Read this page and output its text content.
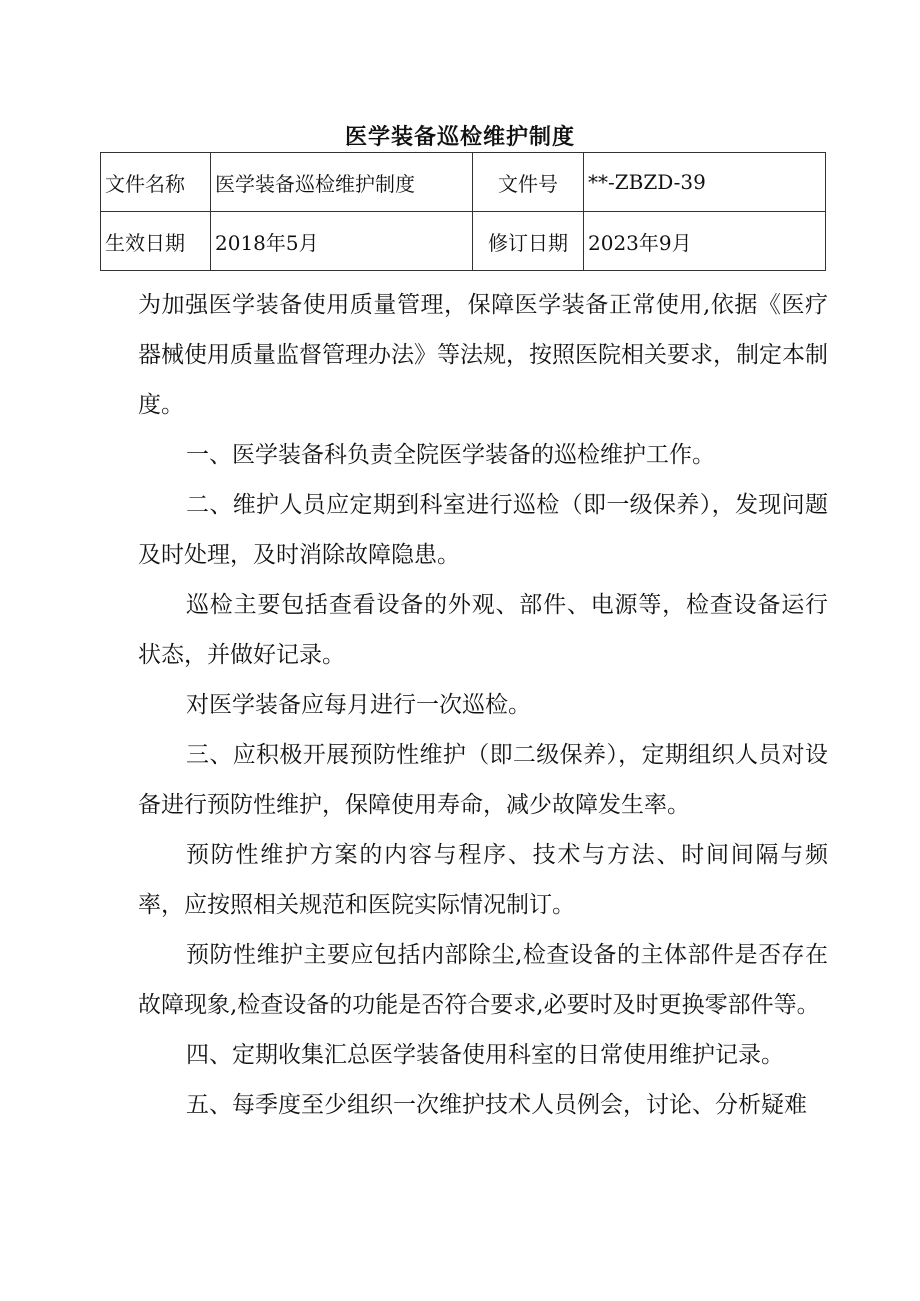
医学装备巡检维护制度
文件名称	医学装备巡检维护制度	文件号	**-ZBZD-39
生效日期	2018年5月	修订日期	2023年9月

为加强医学装备使用质量管理，保障医学装备正常使用,依据《医疗器械使用质量监督管理办法》等法规，按照医院相关要求，制定本制度。

一、医学装备科负责全院医学装备的巡检维护工作。

二、维护人员应定期到科室进行巡检（即一级保养），发现问题及时处理，及时消除故障隐患。

巡检主要包括查看设备的外观、部件、电源等，检查设备运行状态，并做好记录。

对医学装备应每月进行一次巡检。

三、应积极开展预防性维护（即二级保养），定期组织人员对设备进行预防性维护，保障使用寿命，减少故障发生率。

预防性维护方案的内容与程序、技术与方法、时间间隔与频率，应按照相关规范和医院实际情况制订。

预防性维护主要应包括内部除尘,检查设备的主体部件是否存在故障现象,检查设备的功能是否符合要求,必要时及时更换零部件等。

四、定期收集汇总医学装备使用科室的日常使用维护记录。

五、每季度至少组织一次维护技术人员例会，讨论、分析疑难
